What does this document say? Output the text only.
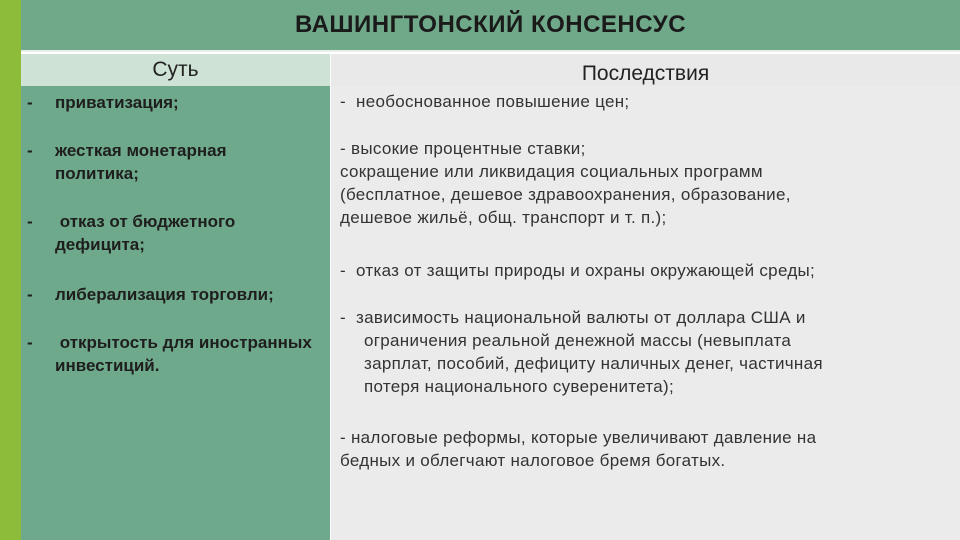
ВАШИНГТОНСКИЙ КОНСЕНСУС
Суть	Последствия
- приватизация;
- жесткая монетарная политика;
- отказ от бюджетного дефицита;
- либерализация торговли;
- открытость для иностранных инвестиций.
-  необоснованное повышение цен;
- высокие процентные ставки;
сокращение или ликвидация социальных программ
(бесплатное, дешевое здравоохранения, образование,
дешевое жильё, общ. транспорт и т. п.);
-  отказ от защиты природы и охраны окружающей среды;
-  зависимость национальной валюты от доллара США и
ограничения реальной денежной массы (невыплата
зарплат, пособий, дефициту наличных денег, частичная
потеря национального суверенитета);
- налоговые реформы, которые увеличивают давление на
бедных и облегчают налоговое бремя богатых.
